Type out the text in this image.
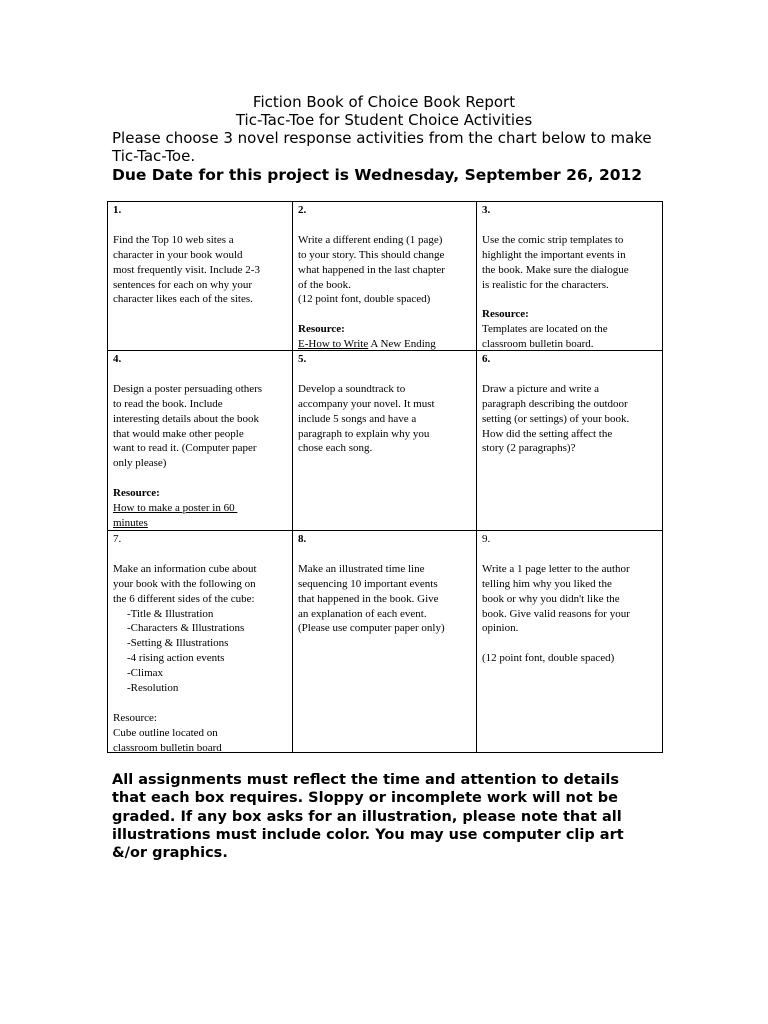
Fiction Book of Choice Book Report
Tic-Tac-Toe for Student Choice Activities
Please choose 3 novel response activities from the chart below to make
Tic-Tac-Toe.
Due Date for this project is Wednesday, September 26, 2012
1.
Find the Top 10 web sites a
character in your book would
most frequently visit. Include 2-3
sentences for each on why your
character likes each of the sites.
2.
Write a different ending (1 page)
to your story. This should change
what happened in the last chapter
of the book.
(12 point font, double spaced)
Resource:
E-How to Write A New Ending
3.
Use the comic strip templates to
highlight the important events in
the book. Make sure the dialogue
is realistic for the characters.
Resource:
Templates are located on the
classroom bulletin board.
4.
Design a poster persuading others
to read the book. Include
interesting details about the book
that would make other people
want to read it. (Computer paper
only please)
Resource:
How to make a poster in 60
minutes
5.
Develop a soundtrack to
accompany your novel. It must
include 5 songs and have a
paragraph to explain why you
chose each song.
6.
Draw a picture and write a
paragraph describing the outdoor
setting (or settings) of your book.
How did the setting affect the
story (2 paragraphs)?
7.
Make an information cube about
your book with the following on
the 6 different sides of the cube:
-Title & Illustration
-Characters & Illustrations
-Setting & Illustrations
-4 rising action events
-Climax
-Resolution
Resource:
Cube outline located on
classroom bulletin board
8.
Make an illustrated time line
sequencing 10 important events
that happened in the book. Give
an explanation of each event.
(Please use computer paper only)
9.
Write a 1 page letter to the author
telling him why you liked the
book or why you didn't like the
book. Give valid reasons for your
opinion.
(12 point font, double spaced)
All assignments must reflect the time and attention to details
that each box requires. Sloppy or incomplete work will not be
graded. If any box asks for an illustration, please note that all
illustrations must include color. You may use computer clip art
&/or graphics.
